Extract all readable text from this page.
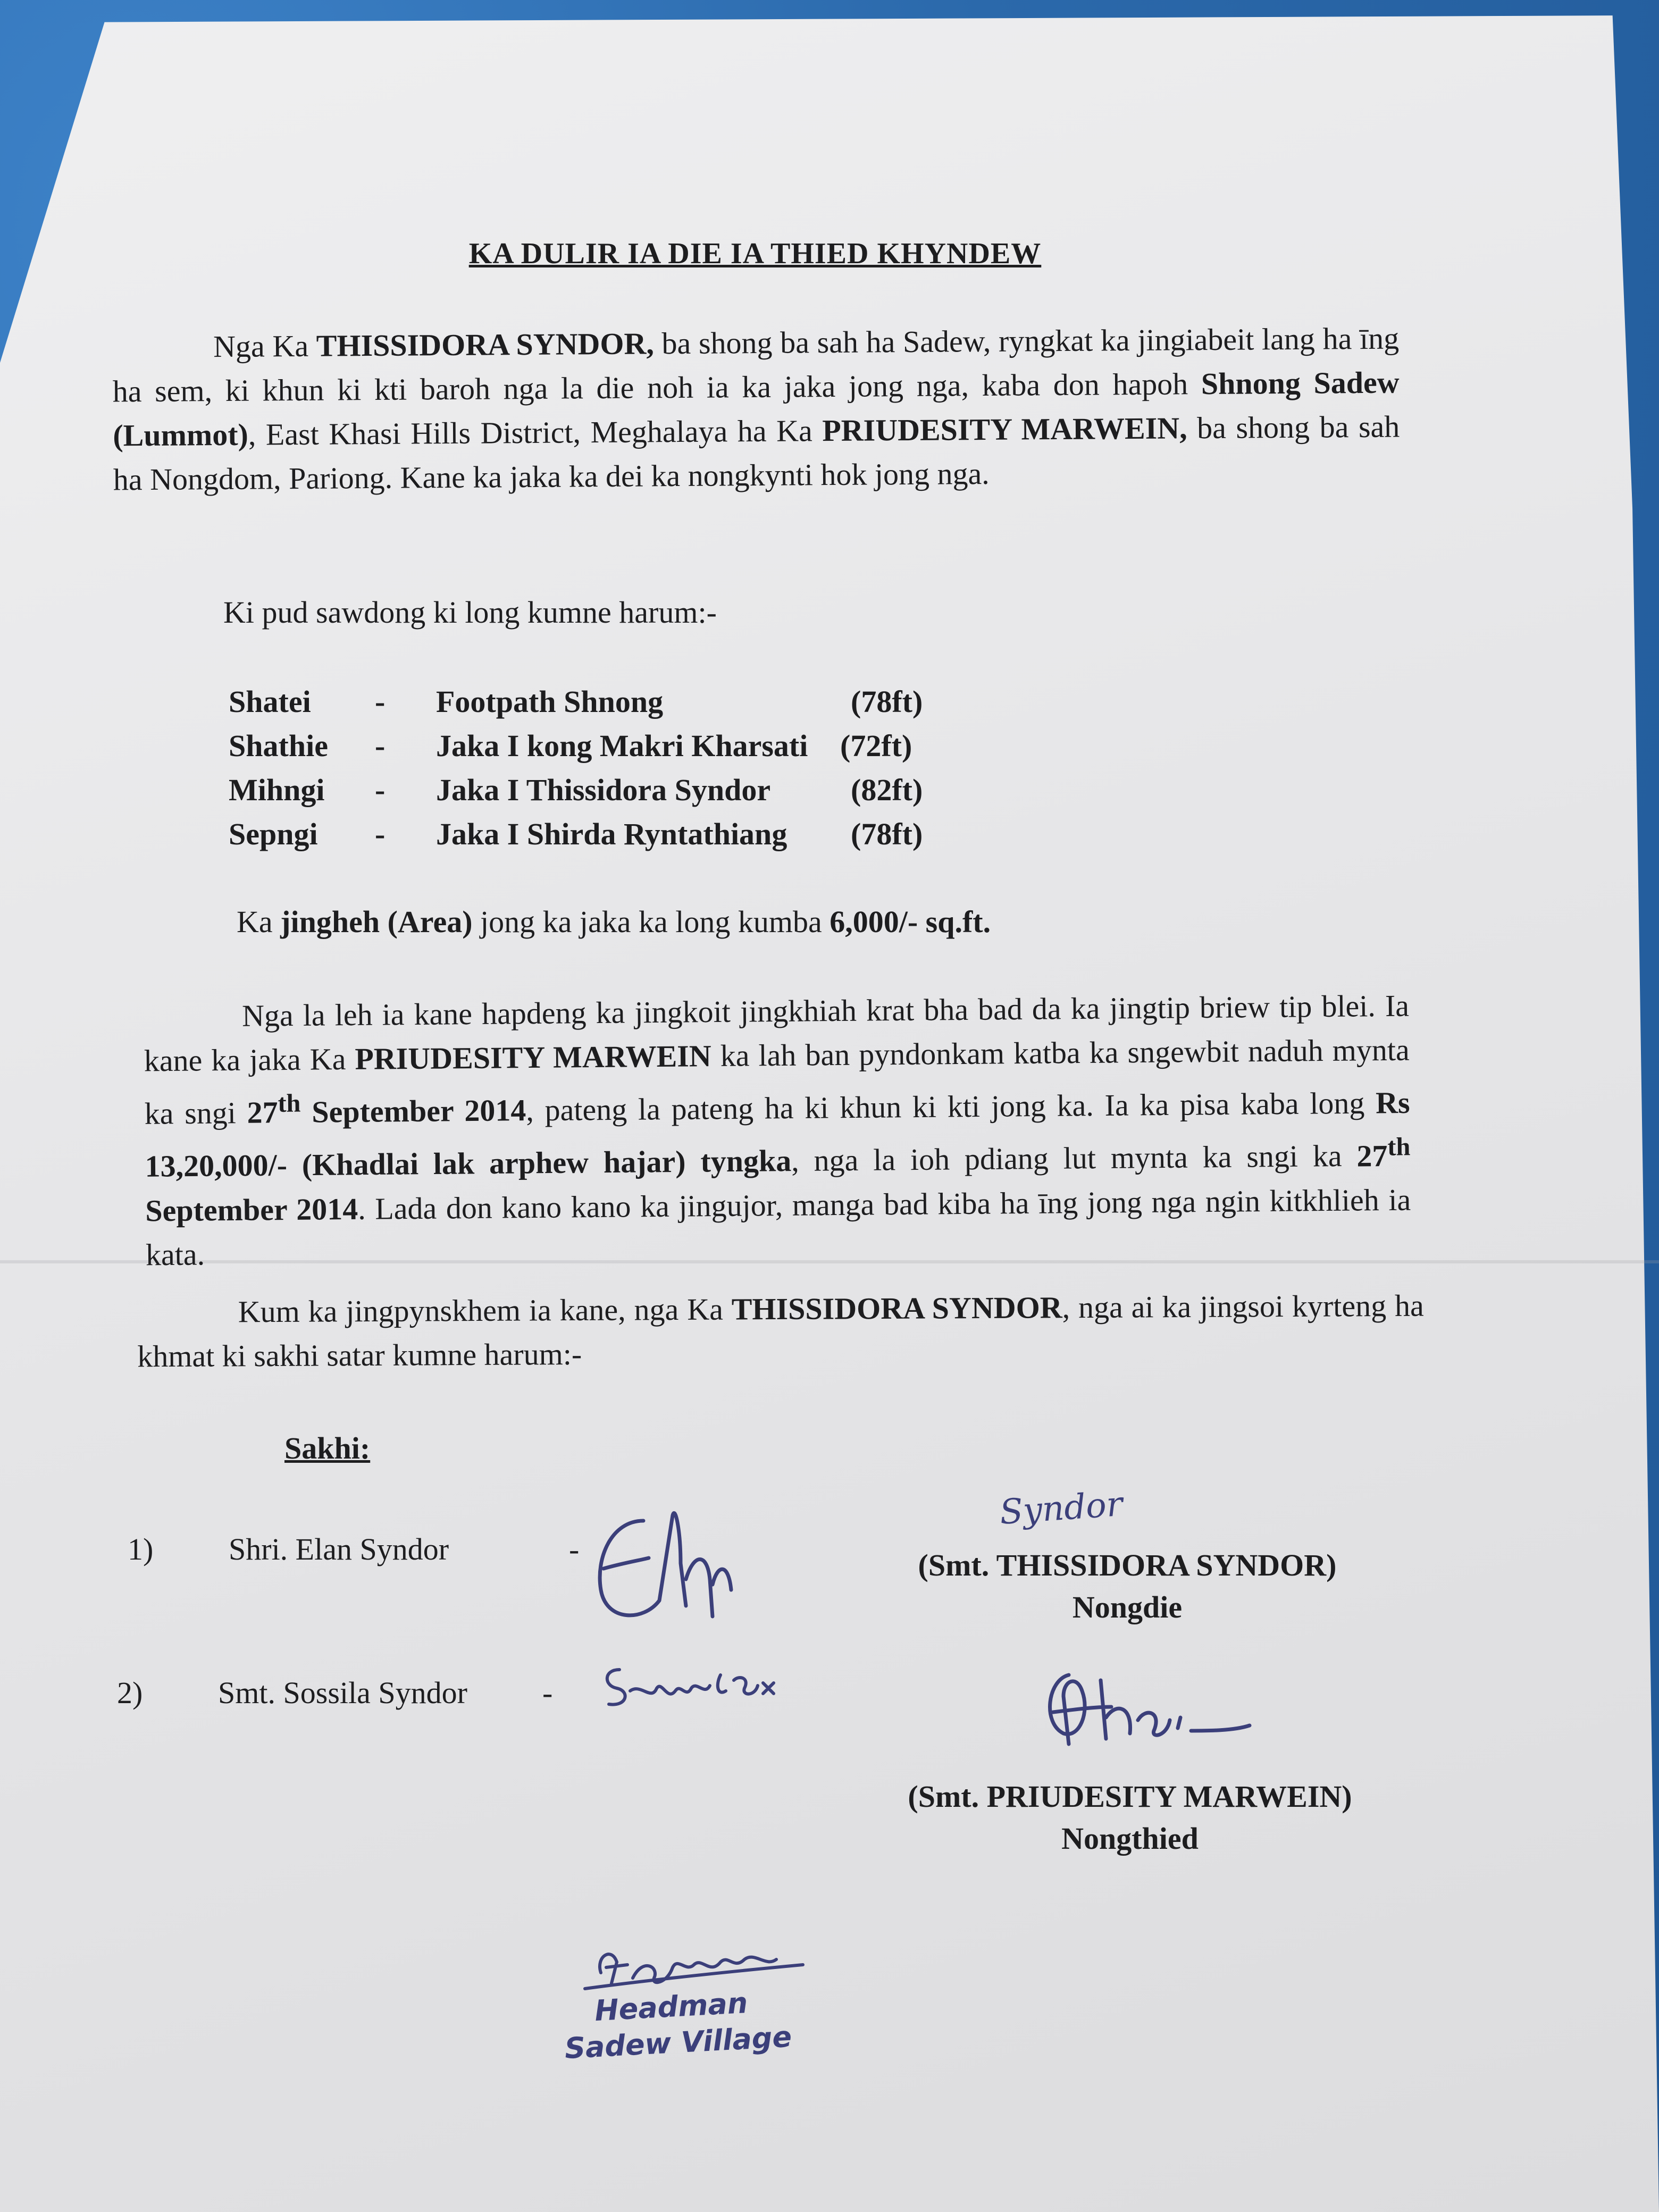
KA DULIR IA DIE IA THIED KHYNDEW
Nga Ka THISSIDORA SYNDOR, ba shong ba sah ha Sadew, ryngkat ka jingiabeit lang ha īng ha sem, ki khun ki kti baroh nga la die noh ia ka jaka jong nga, kaba don hapoh Shnong Sadew (Lummot), East Khasi Hills District, Meghalaya ha Ka PRIUDESITY MARWEIN, ba shong ba sah ha Nongdom, Pariong. Kane ka jaka ka dei ka nongkynti hok jong nga.
Ki pud sawdong ki long kumne harum:-
Shatei	-	Footpath Shnong	(78ft)
Shathie	-	Jaka I kong Makri Kharsati	(72ft)
Mihngi	-	Jaka I Thissidora Syndor	(82ft)
Sepngi	-	Jaka I Shirda Ryntathiang	(78ft)
Ka jingheh (Area) jong ka jaka ka long kumba 6,000/- sq.ft.
Nga la leh ia kane hapdeng ka jingkoit jingkhiah krat bha bad da ka jingtip briew tip blei. Ia kane ka jaka Ka PRIUDESITY MARWEIN ka lah ban pyndonkam katba ka sngewbit naduh mynta ka sngi 27th September 2014, pateng la pateng ha ki khun ki kti jong ka. Ia ka pisa kaba long Rs 13,20,000/- (Khadlai lak arphew hajar) tyngka, nga la ioh pdiang lut mynta ka sngi ka 27th September 2014. Lada don kano kano ka jingujor, manga bad kiba ha īng jong nga ngin kitkhlieh ia kata.
Kum ka jingpynskhem ia kane, nga Ka THISSIDORA SYNDOR, nga ai ka jingsoi kyrteng ha khmat ki sakhi satar kumne harum:-
Sakhi:
1) Shri. Elan Syndor	-
2) Smt. Sossila Syndor -
Syndor
(Smt. THISSIDORA SYNDOR)
Nongdie
(Smt. PRIUDESITY MARWEIN)
Nongthied
Headman
Sadew Village
